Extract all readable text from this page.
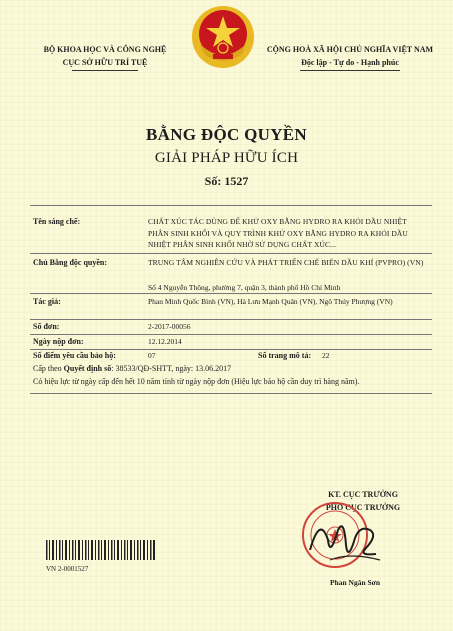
BỘ KHOA HỌC VÀ CÔNG NGHỆ
CỤC SỞ HỮU TRÍ TUỆ
CỘNG HOÀ XÃ HỘI CHỦ NGHĨA VIỆT NAM
Độc lập - Tự do - Hạnh phúc
BẰNG ĐỘC QUYỀN
GIẢI PHÁP HỮU ÍCH
Số: 1527
Tên sáng chế:	CHẤT XÚC TÁC DÙNG ĐỂ KHỬ OXY BẰNG HYDRO RA KHỎI DẦU NHIỆT PHÂN SINH KHỐI VÀ QUY TRÌNH KHỬ OXY BẰNG HYDRO RA KHỎI DẦU NHIỆT PHÂN SINH KHỐI NHỜ SỬ DỤNG CHẤT XÚC...
Chủ Bằng độc quyền:	TRUNG TÂM NGHIÊN CỨU VÀ PHÁT TRIỂN CHẾ BIẾN DẦU KHÍ (PVPRO) (VN)
Số 4 Nguyễn Thông, phường 7, quận 3, thành phố Hồ Chí Minh
Tác giả:	Phan Minh Quốc Bình (VN), Hà Lưu Mạnh Quân (VN), Ngô Thúy Phượng (VN)
Số đơn:	2-2017-00056
Ngày nộp đơn:	12.12.2014
Số điểm yêu cầu bảo hộ:	07	Số trang mô tả: 22
Cấp theo Quyết định số: 38533/QĐ-SHTT, ngày: 13.06.2017
Có hiệu lực từ ngày cấp đến hết 10 năm tính từ ngày nộp đơn (Hiệu lực bảo hộ cần duy trì hàng năm).
KT. CỤC TRƯỞNG
PHÓ CỤC TRƯỞNG
Phan Ngân Sơn
VN 2-0001527
